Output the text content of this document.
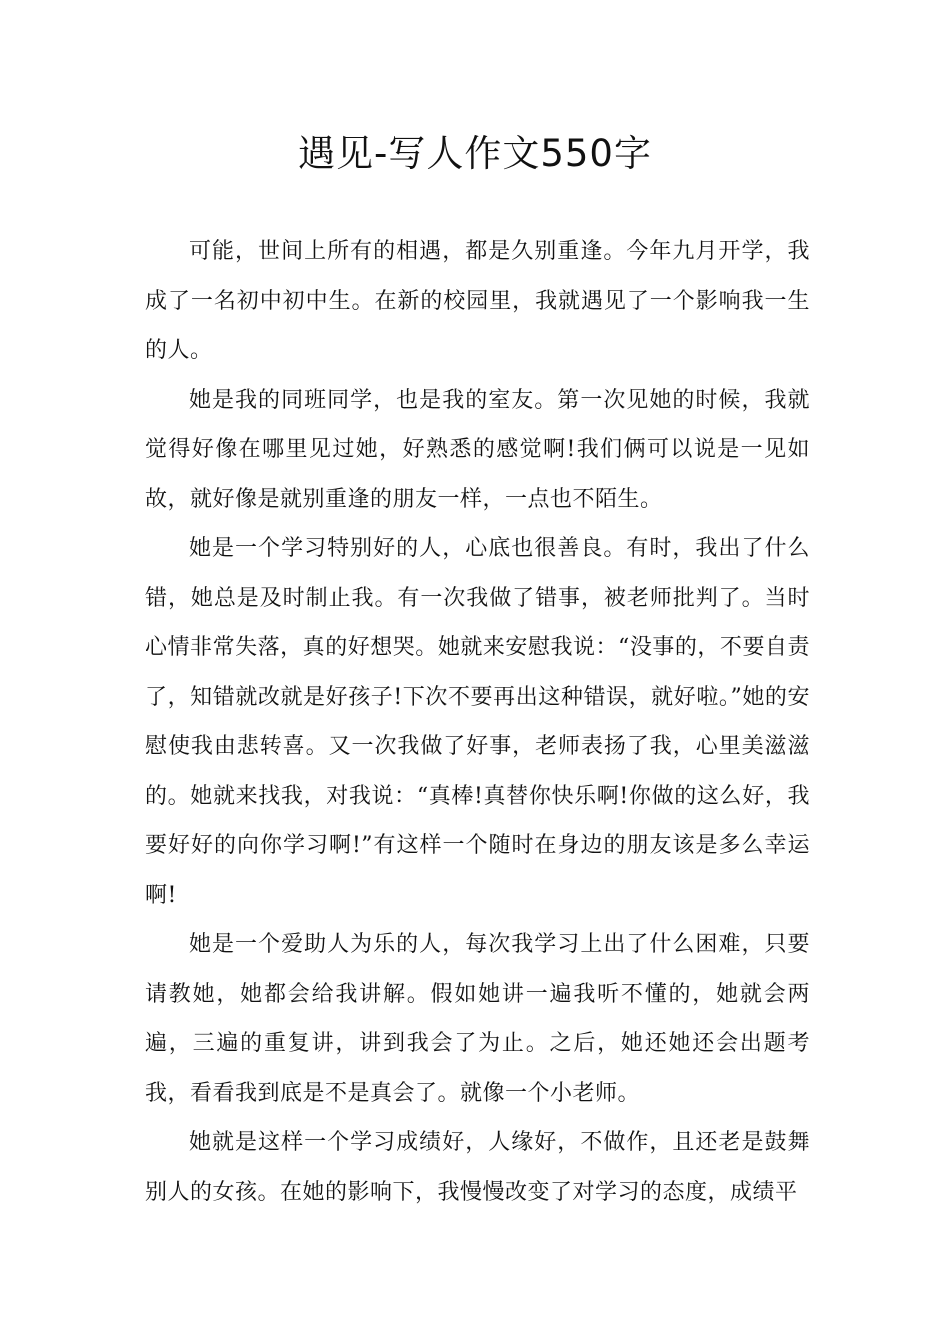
遇见-写人作文550字

可能，世间上所有的相遇，都是久别重逢。今年九月开学，我成了一名初中初中生。在新的校园里，我就遇见了一个影响我一生的人。

她是我的同班同学，也是我的室友。第一次见她的时候，我就觉得好像在哪里见过她，好熟悉的感觉啊!我们俩可以说是一见如故，就好像是就别重逢的朋友一样，一点也不陌生。

她是一个学习特别好的人，心底也很善良。有时，我出了什么错，她总是及时制止我。有一次我做了错事，被老师批判了。当时心情非常失落，真的好想哭。她就来安慰我说：“没事的，不要自责了，知错就改就是好孩子!下次不要再出这种错误，就好啦。”她的安慰使我由悲转喜。又一次我做了好事，老师表扬了我，心里美滋滋的。她就来找我，对我说：“真棒!真替你快乐啊!你做的这么好，我要好好的向你学习啊!”有这样一个随时在身边的朋友该是多么幸运啊!

她是一个爱助人为乐的人，每次我学习上出了什么困难，只要请教她，她都会给我讲解。假如她讲一遍我听不懂的，她就会两遍，三遍的重复讲，讲到我会了为止。之后，她还她还会出题考我，看看我到底是不是真会了。就像一个小老师。

她就是这样一个学习成绩好，人缘好，不做作，且还老是鼓舞别人的女孩。在她的影响下，我慢慢改变了对学习的态度，成绩平
